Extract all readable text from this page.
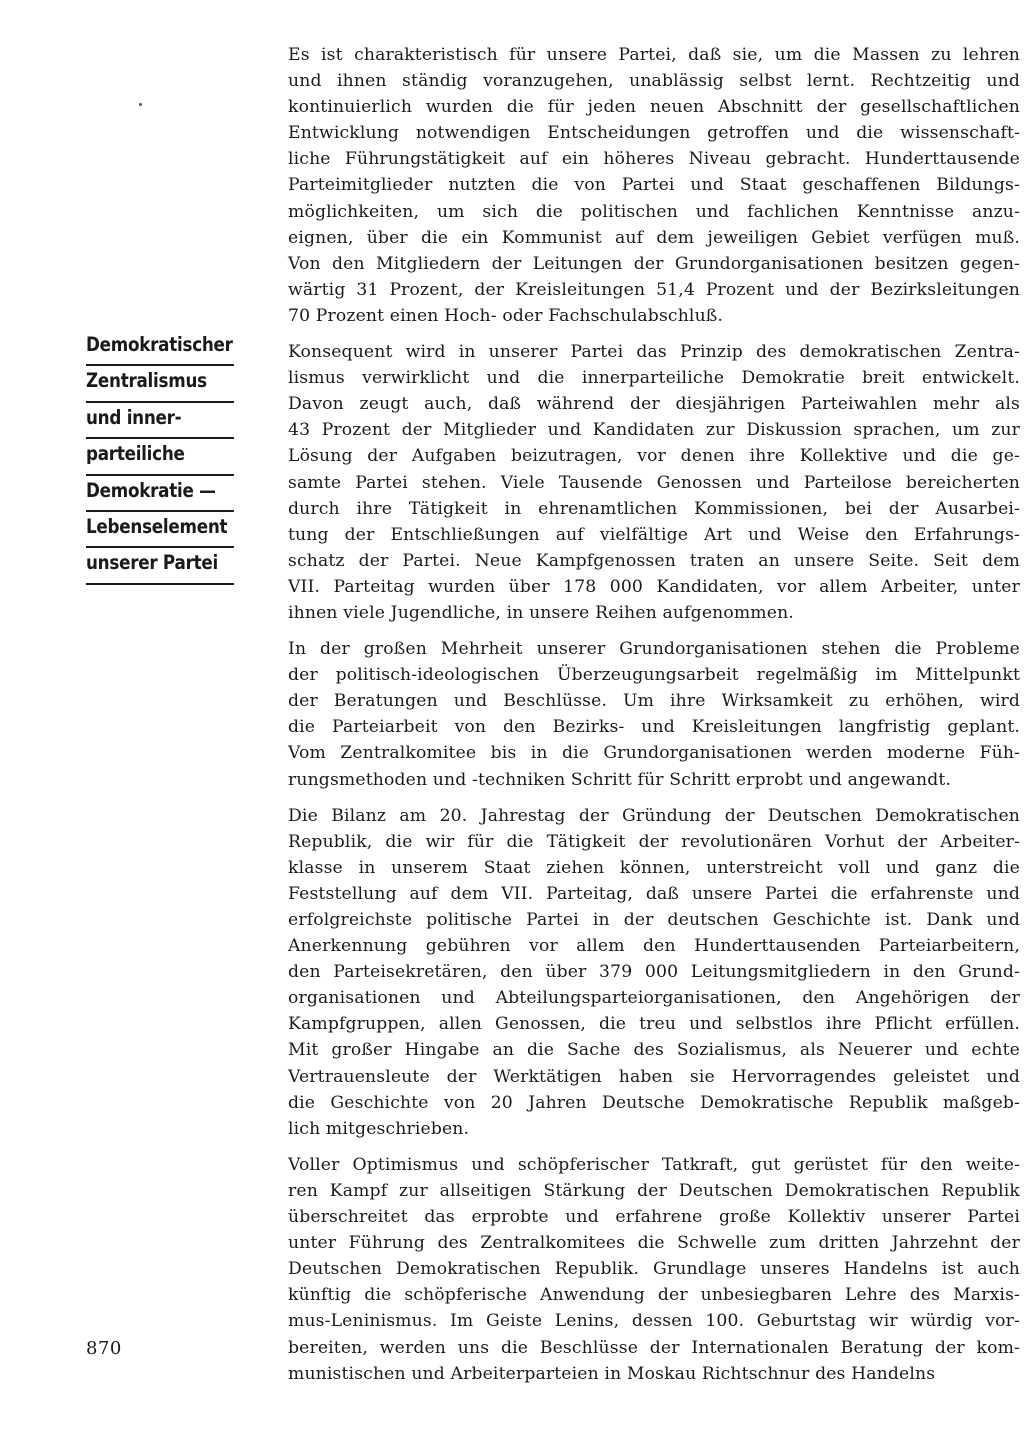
Demokratischer
Zentralismus
und inner-
parteiliche
Demokratie —
Lebenselement
unserer Partei

Es ist charakteristisch für unsere Partei, daß sie, um die Massen zu lehren
und ihnen ständig voranzugehen, unablässig selbst lernt. Rechtzeitig und
kontinuierlich wurden die für jeden neuen Abschnitt der gesellschaftlichen
Entwicklung notwendigen Entscheidungen getroffen und die wissenschaft-
liche Führungstätigkeit auf ein höheres Niveau gebracht. Hunderttausende
Parteimitglieder nutzten die von Partei und Staat geschaffenen Bildungs-
möglichkeiten, um sich die politischen und fachlichen Kenntnisse anzu-
eignen, über die ein Kommunist auf dem jeweiligen Gebiet verfügen muß.
Von den Mitgliedern der Leitungen der Grundorganisationen besitzen gegen-
wärtig 31 Prozent, der Kreisleitungen 51,4 Prozent und der Bezirksleitungen
70 Prozent einen Hoch- oder Fachschulabschluß.

Konsequent wird in unserer Partei das Prinzip des demokratischen Zentra-
lismus verwirklicht und die innerparteiliche Demokratie breit entwickelt.
Davon zeugt auch, daß während der diesjährigen Parteiwahlen mehr als
43 Prozent der Mitglieder und Kandidaten zur Diskussion sprachen, um zur
Lösung der Aufgaben beizutragen, vor denen ihre Kollektive und die ge-
samte Partei stehen. Viele Tausende Genossen und Parteilose bereicherten
durch ihre Tätigkeit in ehrenamtlichen Kommissionen, bei der Ausarbei-
tung der Entschließungen auf vielfältige Art und Weise den Erfahrungs-
schatz der Partei. Neue Kampfgenossen traten an unsere Seite. Seit dem
VII. Parteitag wurden über 178 000 Kandidaten, vor allem Arbeiter, unter
ihnen viele Jugendliche, in unsere Reihen aufgenommen.

In der großen Mehrheit unserer Grundorganisationen stehen die Probleme
der politisch-ideologischen Überzeugungsarbeit regelmäßig im Mittelpunkt
der Beratungen und Beschlüsse. Um ihre Wirksamkeit zu erhöhen, wird
die Parteiarbeit von den Bezirks- und Kreisleitungen langfristig geplant.
Vom Zentralkomitee bis in die Grundorganisationen werden moderne Füh-
rungsmethoden und -techniken Schritt für Schritt erprobt und angewandt.

Die Bilanz am 20. Jahrestag der Gründung der Deutschen Demokratischen
Republik, die wir für die Tätigkeit der revolutionären Vorhut der Arbeiter-
klasse in unserem Staat ziehen können, unterstreicht voll und ganz die
Feststellung auf dem VII. Parteitag, daß unsere Partei die erfahrenste und
erfolgreichste politische Partei in der deutschen Geschichte ist. Dank und
Anerkennung gebühren vor allem den Hunderttausenden Parteiarbeitern,
den Parteisekretären, den über 379 000 Leitungsmitgliedern in den Grund-
organisationen und Abteilungsparteiorganisationen, den Angehörigen der
Kampfgruppen, allen Genossen, die treu und selbstlos ihre Pflicht erfüllen.
Mit großer Hingabe an die Sache des Sozialismus, als Neuerer und echte
Vertrauensleute der Werktätigen haben sie Hervorragendes geleistet und
die Geschichte von 20 Jahren Deutsche Demokratische Republik maßgeb-
lich mitgeschrieben.

Voller Optimismus und schöpferischer Tatkraft, gut gerüstet für den weite-
ren Kampf zur allseitigen Stärkung der Deutschen Demokratischen Republik
überschreitet das erprobte und erfahrene große Kollektiv unserer Partei
unter Führung des Zentralkomitees die Schwelle zum dritten Jahrzehnt der
Deutschen Demokratischen Republik. Grundlage unseres Handelns ist auch
künftig die schöpferische Anwendung der unbesiegbaren Lehre des Marxis-
mus-Leninismus. Im Geiste Lenins, dessen 100. Geburtstag wir würdig vor-
bereiten, werden uns die Beschlüsse der Internationalen Beratung der kom-
munistischen und Arbeiterparteien in Moskau Richtschnur des Handelns

870
